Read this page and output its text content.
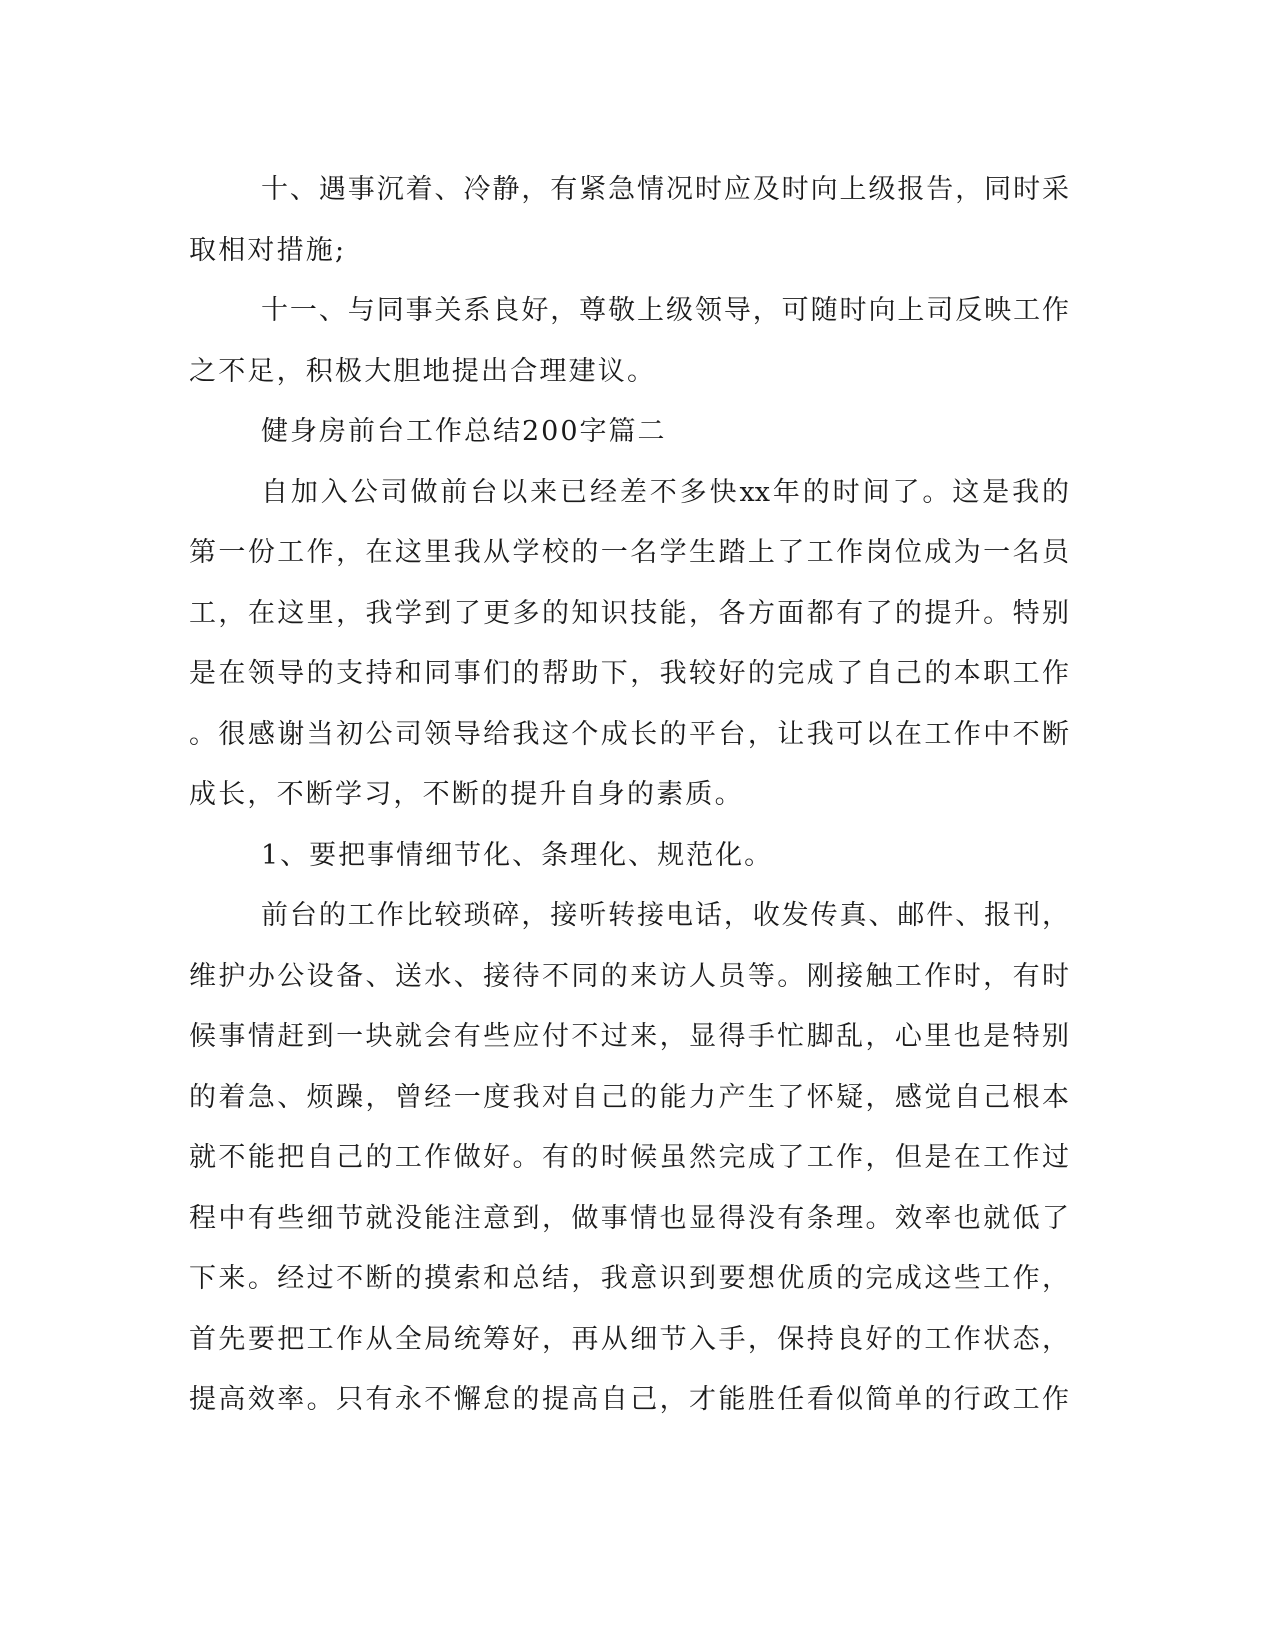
十、遇事沉着、冷静，有紧急情况时应及时向上级报告，同时采
取相对措施;
十一、与同事关系良好，尊敬上级领导，可随时向上司反映工作
之不足，积极大胆地提出合理建议。
健身房前台工作总结200字篇二
自加入公司做前台以来已经差不多快xx年的时间了。这是我的
第一份工作，在这里我从学校的一名学生踏上了工作岗位成为一名员
工，在这里，我学到了更多的知识技能，各方面都有了的提升。特别
是在领导的支持和同事们的帮助下，我较好的完成了自己的本职工作
。很感谢当初公司领导给我这个成长的平台，让我可以在工作中不断
成长，不断学习，不断的提升自身的素质。
1、要把事情细节化、条理化、规范化。
前台的工作比较琐碎，接听转接电话，收发传真、邮件、报刊，
维护办公设备、送水、接待不同的来访人员等。刚接触工作时，有时
候事情赶到一块就会有些应付不过来，显得手忙脚乱，心里也是特别
的着急、烦躁，曾经一度我对自己的能力产生了怀疑，感觉自己根本
就不能把自己的工作做好。有的时候虽然完成了工作，但是在工作过
程中有些细节就没能注意到，做事情也显得没有条理。效率也就低了
下来。经过不断的摸索和总结，我意识到要想优质的完成这些工作，
首先要把工作从全局统筹好，再从细节入手，保持良好的工作状态，
提高效率。只有永不懈怠的提高自己，才能胜任看似简单的行政工作
